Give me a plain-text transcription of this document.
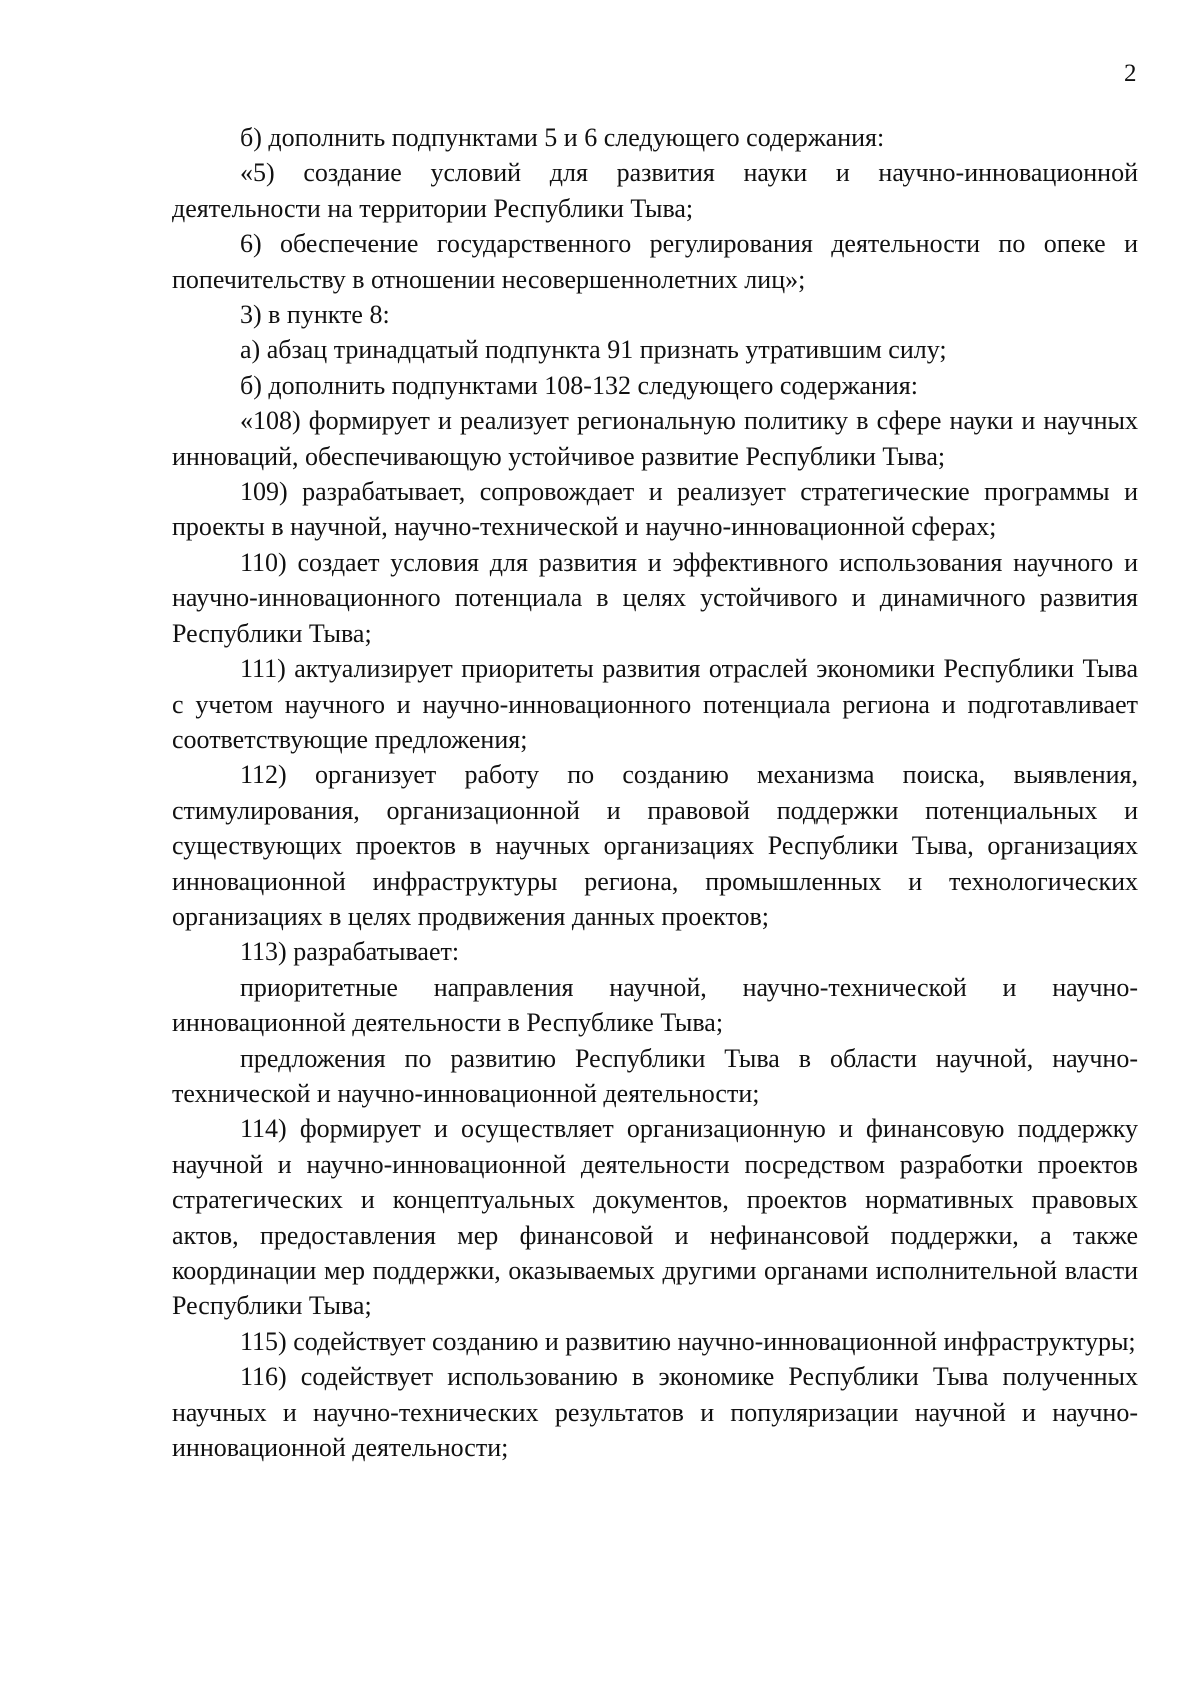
2

б) дополнить подпунктами 5 и 6 следующего содержания:

«5) создание условий для развития науки и научно-инновационной деятельности на территории Республики Тыва;

6) обеспечение государственного регулирования деятельности по опеке и попечительству в отношении несовершеннолетних лиц»;

3) в пункте 8:

а) абзац тринадцатый подпункта 91 признать утратившим силу;

б) дополнить подпунктами 108-132 следующего содержания:

«108) формирует и реализует региональную политику в сфере науки и научных инноваций, обеспечивающую устойчивое развитие Республики Тыва;

109) разрабатывает, сопровождает и реализует стратегические программы и проекты в научной, научно-технической и научно-инновационной сферах;

110) создает условия для развития и эффективного использования научного и научно-инновационного потенциала в целях устойчивого и динамичного развития Республики Тыва;

111) актуализирует приоритеты развития отраслей экономики Республики Тыва с учетом научного и научно-инновационного потенциала региона и подготавливает соответствующие предложения;

112) организует работу по созданию механизма поиска, выявления, стимулирования, организационной и правовой поддержки потенциальных и существующих проектов в научных организациях Республики Тыва, организациях инновационной инфраструктуры региона, промышленных и технологических организациях в целях продвижения данных проектов;

113) разрабатывает:

приоритетные направления научной, научно-технической и научно-инновационной деятельности в Республике Тыва;

предложения по развитию Республики Тыва в области научной, научно-технической и научно-инновационной деятельности;

114) формирует и осуществляет организационную и финансовую поддержку научной и научно-инновационной деятельности посредством разработки проектов стратегических и концептуальных документов, проектов нормативных правовых актов, предоставления мер финансовой и нефинансовой поддержки, а также координации мер поддержки, оказываемых другими органами исполнительной власти Республики Тыва;

115) содействует созданию и развитию научно-инновационной инфраструктуры;

116) содействует использованию в экономике Республики Тыва полученных научных и научно-технических результатов и популяризации научной и научно-инновационной деятельности;
